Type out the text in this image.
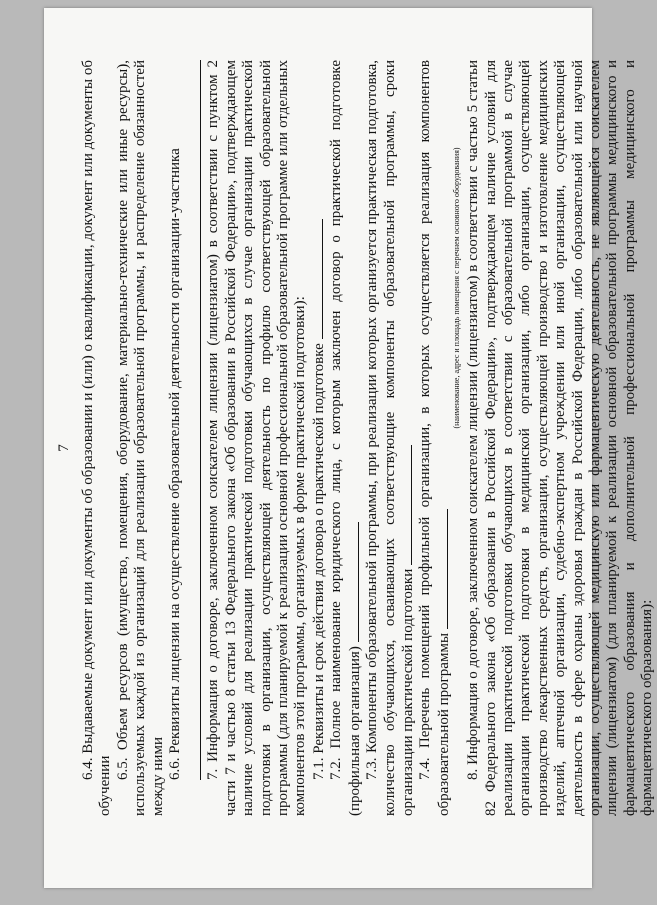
7

6.4. Выдаваемые документ или документы об образовании и (или) о квалификации, документ или документы об обучении 6.5. Объем ресурсов (имущество, помещения, оборудование, материально-технические или иные ресурсы), используемых каждой из организаций для реализации образовательной программы, и распределение обязанностей между ними 6.6. Реквизиты лицензии на осуществление образовательной деятельности организации-участника

7. Информация о договоре, заключенном соискателем лицензии (лицензиатом) в соответствии с пунктом 2 части 7 и частью 8 статьи 13 Федерального закона «Об образовании в Российской Федерации», подтверждающем наличие условий для реализации практической подготовки обучающихся в случае организации практической подготовки в организации, осуществляющей деятельность по профилю соответствующей образовательной программы (для планируемой к реализации основной профессиональной образовательной программе или отдельных компонентов этой программы, организуемых в форме практической подготовки): 7.1. Реквизиты и срок действия договора о практической подготовке

7.2. Полное наименование юридического лица, с которым заключен договор о практической подготовке (профильная организация) 7.3. Компоненты образовательной программы, при реализации которых организуется практическая подготовка, количество обучающихся, осваивающих соответствующие компоненты образовательной программы, сроки организации практической подготовки 7.4. Перечень помещений профильной организации, в которых осуществляется реализация компонентов образовательной программы

(наименование, адрес и площадь помещения с перечнем основного оборудования)

8. Информация о договоре, заключенном соискателем лицензии (лицензиатом) в соответствии с частью 5 статьи 82 Федерального закона «Об образовании в Российской Федерации», подтверждающем наличие условий для реализации практической подготовки обучающихся в соответствии с образовательной программой в случае организации практической подготовки в медицинской организации, либо организации, осуществляющей производство лекарственных средств, организации, осуществляющей производство и изготовление медицинских изделий, аптечной организации, судебно-экспертном учреждении или иной организации, осуществляющей деятельность в сфере охраны здоровья граждан в Российской Федерации, либо образовательной или научной организации, осуществляющей медицинскую или фармацевтическую деятельность, не являющейся соискателем лицензии (лицензиатом) (для планируемой к реализации основной образовательной программы медицинского и фармацевтического образования и дополнительной профессиональной программы медицинского и фармацевтического образования):
